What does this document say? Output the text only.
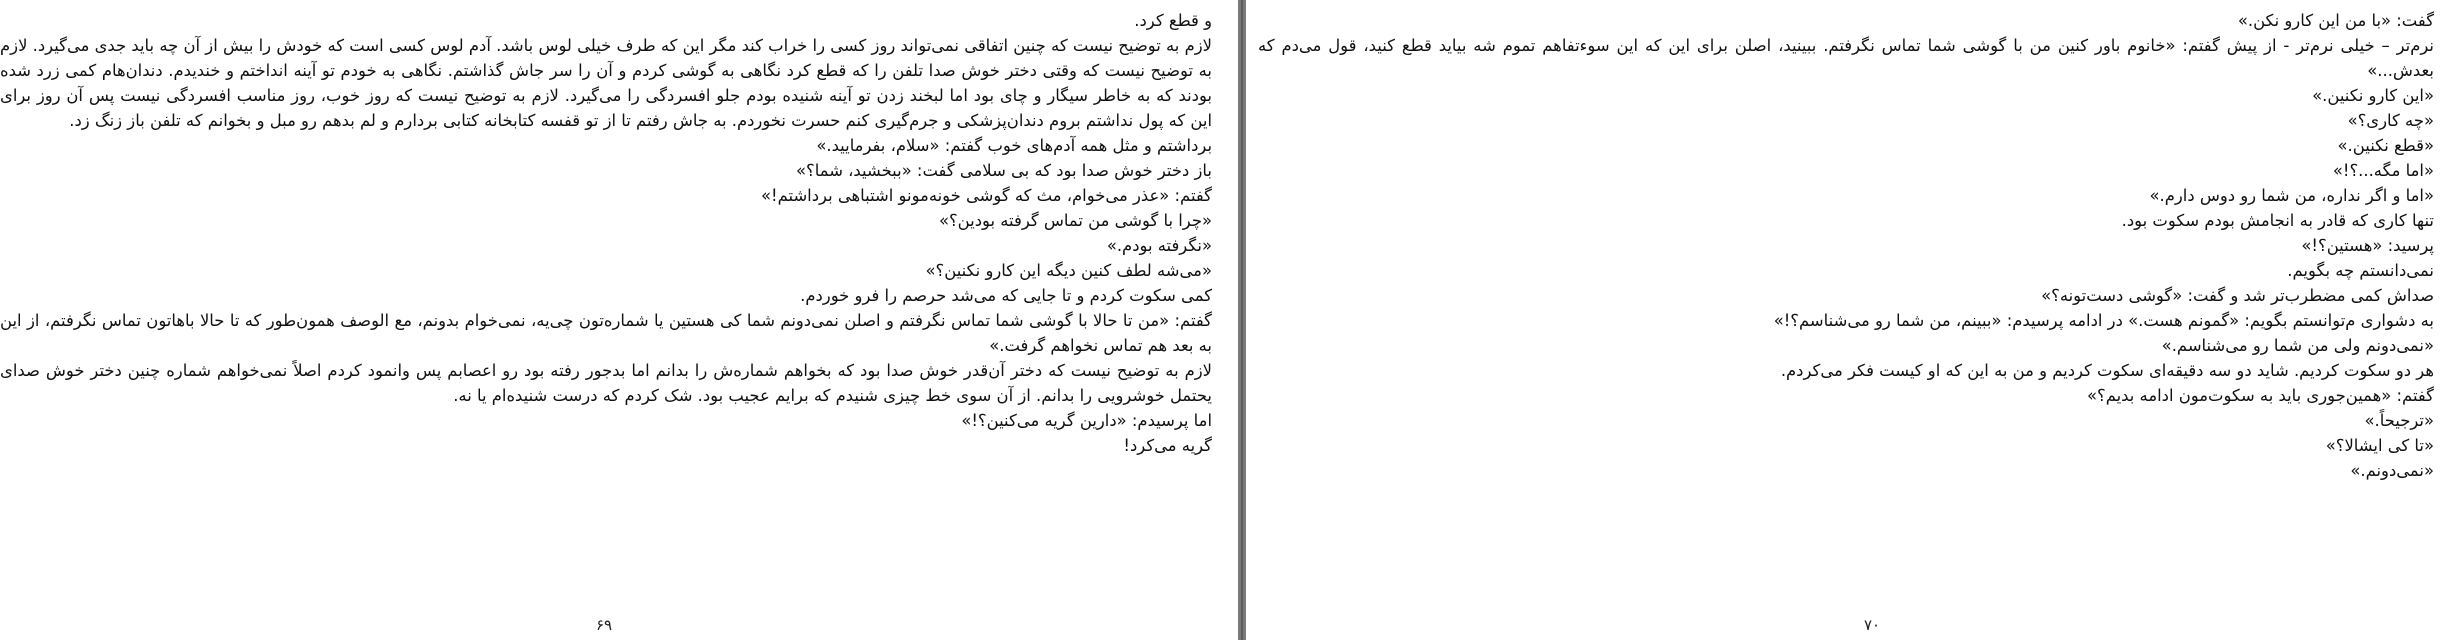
و قطع کرد.

لازم به توضیح نیست که چنین اتفاقی نمی‌تواند روز کسی را خراب کند مگر این که طرف خیلی لوس باشد. آدم لوس کسی است که خودش را بیش از آن چه باید جدی می‌گیرد. لازم به توضیح نیست که وقتی دختر خوش صدا تلفن را که قطع کرد نگاهی به گوشی کردم و آن را سر جاش گذاشتم. نگاهی به خودم تو آینه انداختم و خندیدم. دندان‌هام کمی زرد شده بودند که به خاطر سیگار و چای بود اما لبخند زدن تو آینه شنیده بودم جلو افسردگی را می‌گیرد. لازم به توضیح نیست که روز خوب، روز مناسب افسردگی نیست پس آن روز برای این که پول نداشتم بروم دندان‌پزشکی و جرم‌گیری کنم حسرت نخوردم. به جاش رفتم تا از تو قفسه کتابخانه کتابی بردارم و لم بدهم رو مبل و بخوانم که تلفن باز زنگ زد.

برداشتم و مثل همه آدم‌های خوب گفتم: «سلام، بفرمایید.»

باز دختر خوش صدا بود که بی سلامی گفت: «ببخشید، شما؟»

گفتم: «عذر می‌خوام، مث که گوشی خونه‌مونو اشتباهی برداشتم!»

«چرا با گوشی من تماس گرفته بودین؟»

«نگرفته بودم.»

«می‌شه لطف کنین دیگه این کارو نکنین؟»

کمی سکوت کردم و تا جایی که می‌شد حرصم را فرو خوردم.

گفتم: «من تا حالا با گوشی شما تماس نگرفتم و اصلن نمی‌دونم شما کی هستین یا شماره‌تون چی‌یه، نمی‌خوام بدونم، مع الوصف همون‌طور که تا حالا باهاتون تماس نگرفتم، از این به بعد هم تماس نخواهم گرفت.»

لازم به توضیح نیست که دختر آن‌قدر خوش صدا بود که بخواهم شماره‌ش را بدانم اما بدجور رفته بود رو اعصابم پس وانمود کردم اصلاً نمی‌خواهم شماره چنین دختر خوش صدای یحتمل خوشرویی را بدانم. از آن سوی خط چیزی شنیدم که برایم عجیب بود. شک کردم که درست شنیده‌ام یا نه.

اما پرسیدم: «دارین گریه می‌کنین؟!»

گریه می‌کرد!

۶۹

گفت: «با من این کارو نکن.»

نرم‌تر – خیلی نرم‌تر - از پیش گفتم: «خانوم باور کنین من با گوشی شما تماس نگرفتم. ببینید، اصلن برای این که این سوءتفاهم تموم شه بیاید قطع کنید، قول می‌دم که بعدش...»

«این کارو نکنین.»

«چه کاری؟»

«قطع نکنین.»

«اما مگه...؟!»

«اما و اگر نداره، من شما رو دوس دارم.»

تنها کاری که قادر به انجامش بودم سکوت بود.

پرسید: «هستین؟!»

نمی‌دانستم چه بگویم.

صداش کمی مضطرب‌تر شد و گفت: «گوشی دست‌تونه؟»

به دشواری م‌توانستم بگویم: «گمونم هست.» در ادامه پرسیدم: «ببینم، من شما رو می‌شناسم؟!»

«نمی‌دونم ولی من شما رو می‌شناسم.»

هر دو سکوت کردیم. شاید دو سه دقیقه‌ای سکوت کردیم و من به این که او کیست فکر می‌کردم.

گفتم: «همین‌جوری باید به سکوت‌مون ادامه بدیم؟»

«ترجیحاً.»

«تا کی ایشالا؟»

«نمی‌دونم.»

۷۰
